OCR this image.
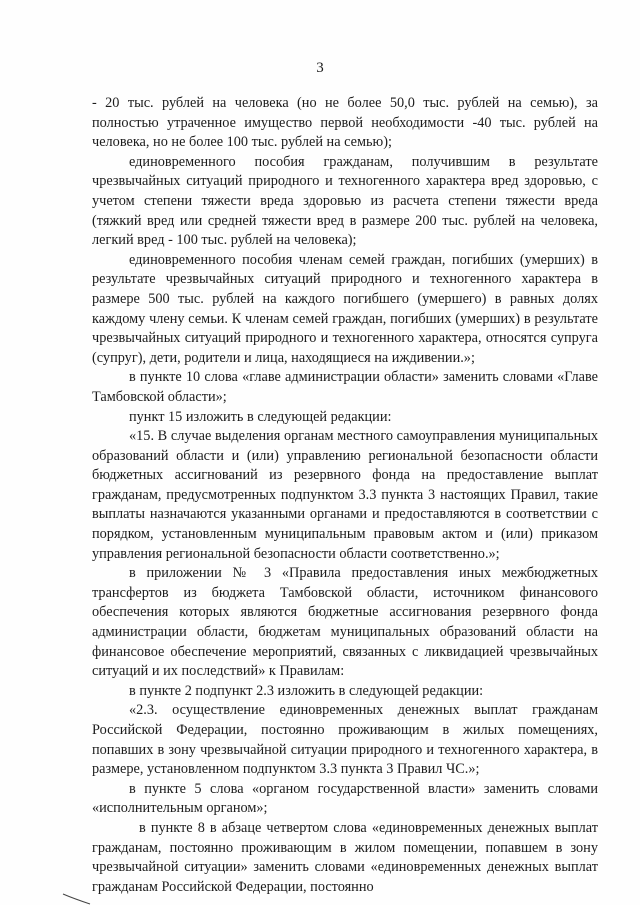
3

- 20 тыс. рублей на человека (но не более 50,0 тыс. рублей на семью), за полностью утраченное имущество первой необходимости -40 тыс. рублей на человека, но не более 100 тыс. рублей на семью);

единовременного пособия гражданам, получившим в результате чрезвычайных ситуаций природного и техногенного характера вред здоровью, с учетом степени тяжести вреда здоровью из расчета степени тяжести вреда (тяжкий вред или средней тяжести вред в размере 200 тыс. рублей на человека, легкий вред - 100 тыс. рублей на человека);

единовременного пособия членам семей граждан, погибших (умерших) в результате чрезвычайных ситуаций природного и техногенного характера в размере 500 тыс. рублей на каждого погибшего (умершего) в равных долях каждому члену семьи. К членам семей граждан, погибших (умерших) в результате чрезвычайных ситуаций природного и техногенного характера, относятся супруга (супруг), дети, родители и лица, находящиеся на иждивении.»;

в пункте 10 слова «главе администрации области» заменить словами «Главе Тамбовской области»;

пункт 15 изложить в следующей редакции:

«15. В случае выделения органам местного самоуправления муниципальных образований области и (или) управлению региональной безопасности области бюджетных ассигнований из резервного фонда на предоставление выплат гражданам, предусмотренных подпунктом 3.3 пункта 3 настоящих Правил, такие выплаты назначаются указанными органами и предоставляются в соответствии с порядком, установленным муниципальным правовым актом и (или) приказом управления региональной безопасности области соответственно.»;

в приложении № 3 «Правила предоставления иных межбюджетных трансфертов из бюджета Тамбовской области, источником финансового обеспечения которых являются бюджетные ассигнования резервного фонда администрации области, бюджетам муниципальных образований области на финансовое обеспечение мероприятий, связанных с ликвидацией чрезвычайных ситуаций и их последствий» к Правилам:

в пункте 2 подпункт 2.3 изложить в следующей редакции:

«2.3. осуществление единовременных денежных выплат гражданам Российской Федерации, постоянно проживающим в жилых помещениях, попавших в зону чрезвычайной ситуации природного и техногенного характера, в размере, установленном подпунктом 3.3 пункта 3 Правил ЧС.»;

в пункте 5 слова «органом государственной власти» заменить словами «исполнительным органом»;

в пункте 8 в абзаце четвертом слова «единовременных денежных выплат гражданам, постоянно проживающим в жилом помещении, попавшем в зону чрезвычайной ситуации» заменить словами «единовременных денежных выплат гражданам Российской Федерации, постоянно
